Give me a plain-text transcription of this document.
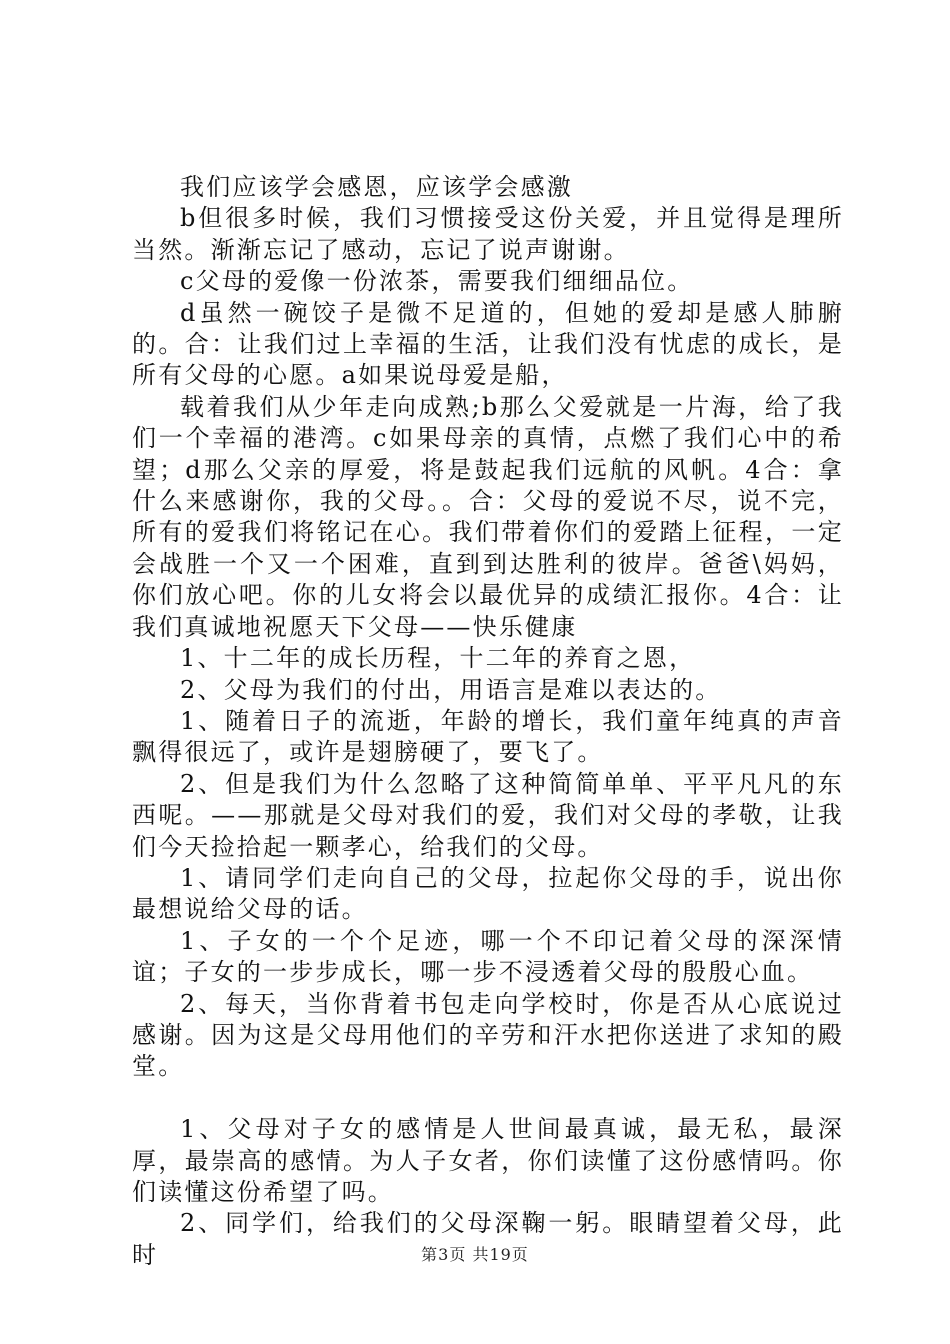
我们应该学会感恩，应该学会感激

b但很多时候，我们习惯接受这份关爱，并且觉得是理所当然。渐渐忘记了感动，忘记了说声谢谢。

c父母的爱像一份浓茶，需要我们细细品位。

d虽然一碗饺子是微不足道的，但她的爱却是感人肺腑的。合：让我们过上幸福的生活，让我们没有忧虑的成长，是所有父母的心愿。a如果说母爱是船，

载着我们从少年走向成熟;b那么父爱就是一片海，给了我们一个幸福的港湾。c如果母亲的真情，点燃了我们心中的希望；d那么父亲的厚爱，将是鼓起我们远航的风帆。4合：拿什么来感谢你，我的父母。。合：父母的爱说不尽，说不完，所有的爱我们将铭记在心。我们带着你们的爱踏上征程，一定会战胜一个又一个困难，直到到达胜利的彼岸。爸爸\妈妈，你们放心吧。你的儿女将会以最优异的成绩汇报你。4合：让我们真诚地祝愿天下父母——快乐健康

1、十二年的成长历程，十二年的养育之恩，

2、父母为我们的付出，用语言是难以表达的。

1、随着日子的流逝，年龄的增长，我们童年纯真的声音飘得很远了，或许是翅膀硬了，要飞了。

2、但是我们为什么忽略了这种简简单单、平平凡凡的东西呢。——那就是父母对我们的爱，我们对父母的孝敬，让我们今天捡拾起一颗孝心，给我们的父母。

1、请同学们走向自己的父母，拉起你父母的手，说出你最想说给父母的话。

1、子女的一个个足迹，哪一个不印记着父母的深深情谊；子女的一步步成长，哪一步不浸透着父母的殷殷心血。

2、每天，当你背着书包走向学校时，你是否从心底说过感谢。因为这是父母用他们的辛劳和汗水把你送进了求知的殿堂。

1、父母对子女的感情是人世间最真诚，最无私，最深厚，最崇高的感情。为人子女者，你们读懂了这份感情吗。你们读懂这份希望了吗。

2、同学们，给我们的父母深鞠一躬。眼睛望着父母，此时	第3页 共19页
